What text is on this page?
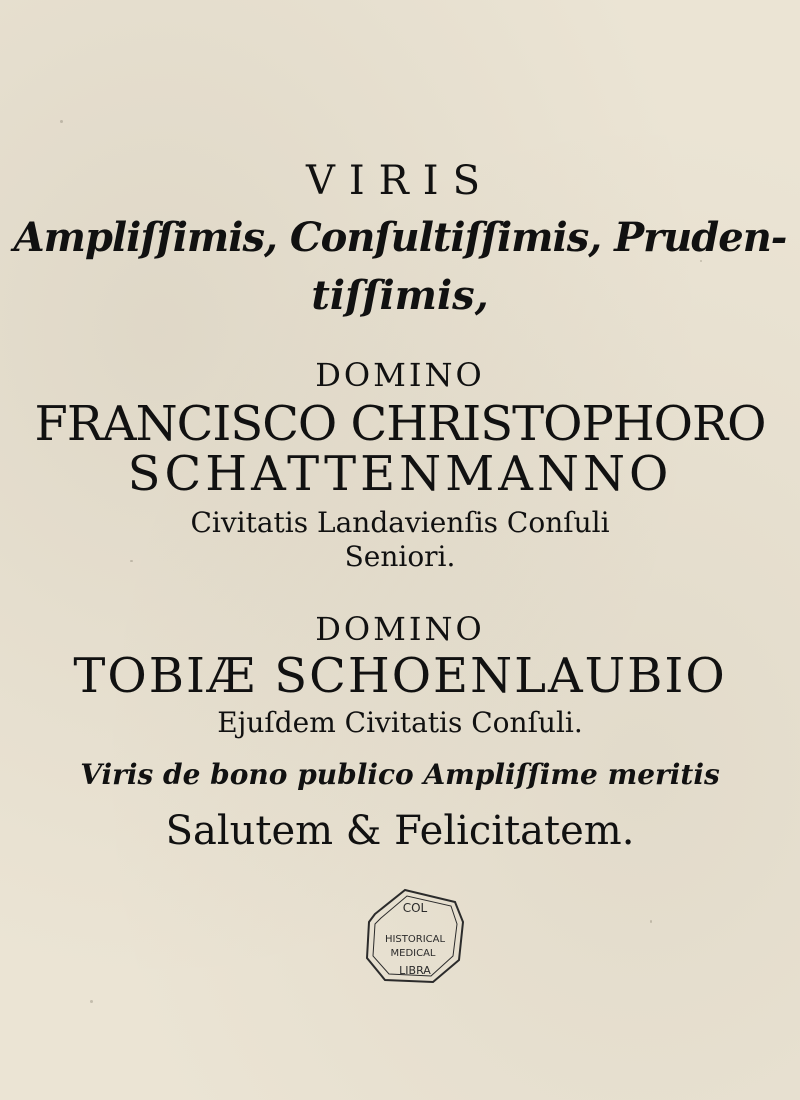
VIRIS
Ampliſſimis, Conſultiſſimis, Pruden-
tiſſimis,
DOMINO
FRANCISCO CHRISTOPHORO
SCHATTENMANNO
Civitatis Landavienſis Conſuli
Seniori.
DOMINO
TOBIÆ SCHOENLAUBIO
Ejuſdem Civitatis Conſuli.
Viris de bono publico Ampliſſime meritis
Salutem & Felicitatem.
COL
HISTORICAL
MEDICAL
LIBRA
